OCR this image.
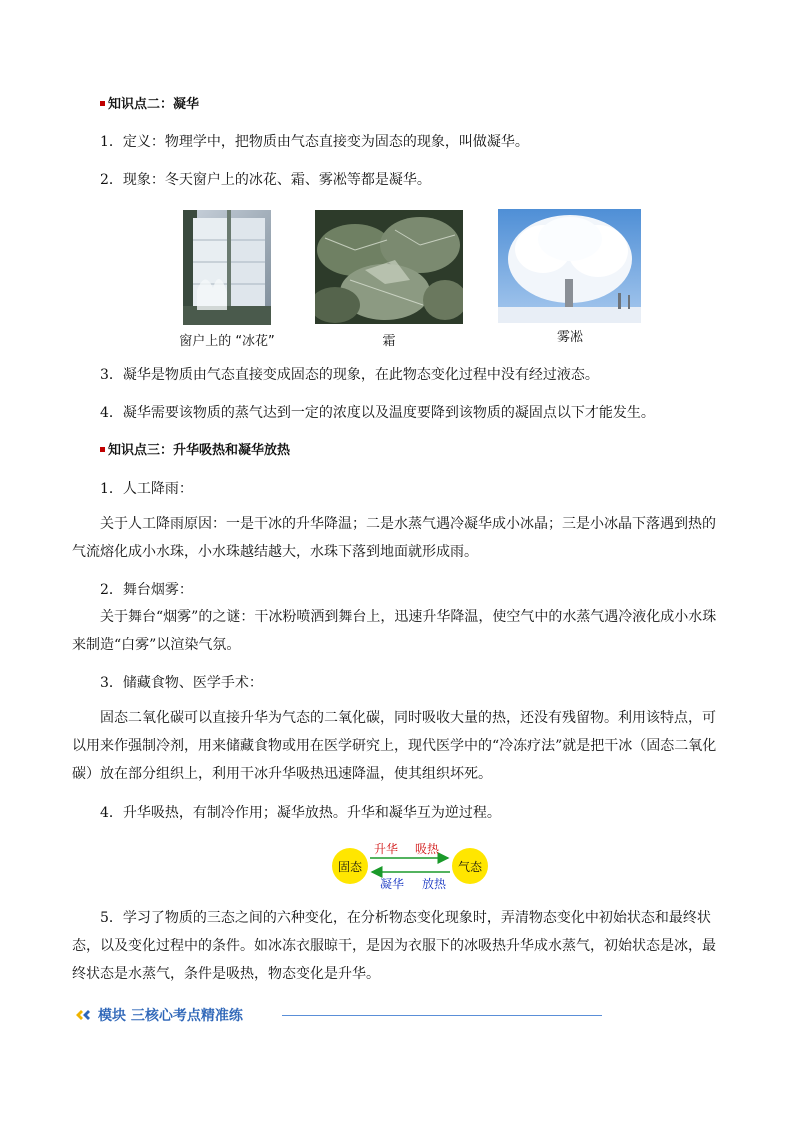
知识点二：凝华
1．定义：物理学中，把物质由气态直接变为固态的现象，叫做凝华。
2．现象：冬天窗户上的冰花、霜、雾凇等都是凝华。
窗户上的 “冰花”	霜	雾凇
3．凝华是物质由气态直接变成固态的现象，在此物态变化过程中没有经过液态。
4．凝华需要该物质的蒸气达到一定的浓度以及温度要降到该物质的凝固点以下才能发生。
知识点三：升华吸热和凝华放热
1．人工降雨：
关于人工降雨原因：一是干冰的升华降温；二是水蒸气遇冷凝华成小冰晶；三是小冰晶下落遇到热的气流熔化成小水珠，小水珠越结越大，水珠下落到地面就形成雨。
2．舞台烟雾：
关于舞台“烟雾”的之谜：干冰粉喷洒到舞台上，迅速升华降温，使空气中的水蒸气遇冷液化成小水珠来制造“白雾”以渲染气氛。
3．储藏食物、医学手术：
固态二氧化碳可以直接升华为气态的二氧化碳，同时吸收大量的热，还没有残留物。利用该特点，可以用来作强制冷剂，用来储藏食物或用在医学研究上，现代医学中的“冷冻疗法”就是把干冰（固态二氧化碳）放在部分组织上，利用干冰升华吸热迅速降温，使其组织坏死。
4．升华吸热，有制冷作用；凝华放热。升华和凝华互为逆过程。
固态	气态
升华 吸热
凝华 放热
5．学习了物质的三态之间的六种变化，在分析物态变化现象时，弄清物态变化中初始状态和最终状态，以及变化过程中的条件。如冰冻衣服晾干，是因为衣服下的冰吸热升华成水蒸气，初始状态是冰，最终状态是水蒸气，条件是吸热，物态变化是升华。
模块 三核心考点精准练
